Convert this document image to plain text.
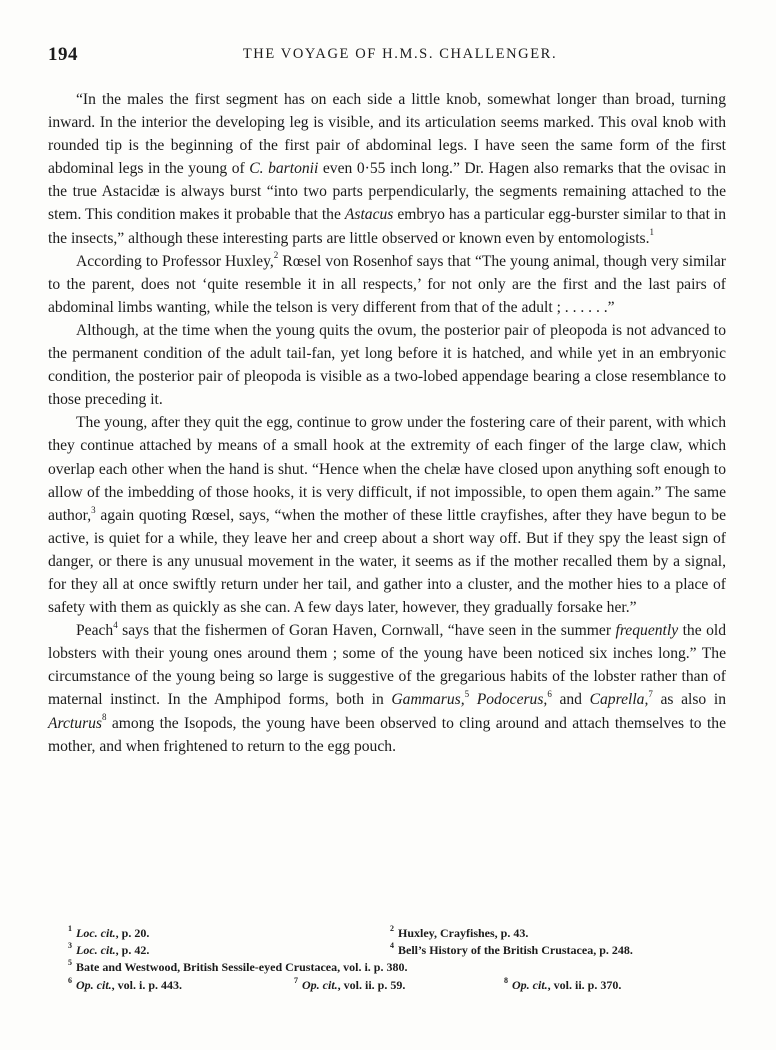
194	THE VOYAGE OF H.M.S. CHALLENGER.

“In the males the first segment has on each side a little knob, somewhat longer than broad, turning inward. In the interior the developing leg is visible, and its articulation seems marked. This oval knob with rounded tip is the beginning of the first pair of abdominal legs. I have seen the same form of the first abdominal legs in the young of C. bartonii even 0·55 inch long.” Dr. Hagen also remarks that the ovisac in the true Astacidæ is always burst “into two parts perpendicularly, the segments remaining attached to the stem. This condition makes it probable that the Astacus embryo has a particular egg-burster similar to that in the insects,” although these interesting parts are little observed or known even by entomologists.$^1$

According to Professor Huxley,$^2$ Rœsel von Rosenhof says that “The young animal, though very similar to the parent, does not ‘quite resemble it in all respects,’ for not only are the first and the last pairs of abdominal limbs wanting, while the telson is very different from that of the adult ; . . . . . .”

Although, at the time when the young quits the ovum, the posterior pair of pleopoda is not advanced to the permanent condition of the adult tail-fan, yet long before it is hatched, and while yet in an embryonic condition, the posterior pair of pleopoda is visible as a two-lobed appendage bearing a close resemblance to those preceding it.

The young, after they quit the egg, continue to grow under the fostering care of their parent, with which they continue attached by means of a small hook at the extremity of each finger of the large claw, which overlap each other when the hand is shut. “Hence when the chelæ have closed upon anything soft enough to allow of the imbedding of those hooks, it is very difficult, if not impossible, to open them again.” The same author,$^3$ again quoting Rœsel, says, “when the mother of these little crayfishes, after they have begun to be active, is quiet for a while, they leave her and creep about a short way off. But if they spy the least sign of danger, or there is any unusual movement in the water, it seems as if the mother recalled them by a signal, for they all at once swiftly return under her tail, and gather into a cluster, and the mother hies to a place of safety with them as quickly as she can. A few days later, however, they gradually forsake her.”

Peach$^4$ says that the fishermen of Goran Haven, Cornwall, “have seen in the summer frequently the old lobsters with their young ones around them ; some of the young have been noticed six inches long.” The circumstance of the young being so large is suggestive of the gregarious habits of the lobster rather than of maternal instinct. In the Amphipod forms, both in Gammarus,$^5$ Podocerus,$^6$ and Caprella,$^7$ as also in Arcturus$^8$ among the Isopods, the young have been observed to cling around and attach themselves to the mother, and when frightened to return to the egg pouch.

$^1$ Loc. cit., p. 20.	$^2$ Huxley, Crayfishes, p. 43.
$^3$ Loc. cit., p. 42.	$^4$ Bell’s History of the British Crustacea, p. 248.
$^5$ Bate and Westwood, British Sessile-eyed Crustacea, vol. i. p. 380.
$^6$ Op. cit., vol. i. p. 443.	$^7$ Op. cit., vol. ii. p. 59.	$^8$ Op. cit., vol. ii. p. 370.
